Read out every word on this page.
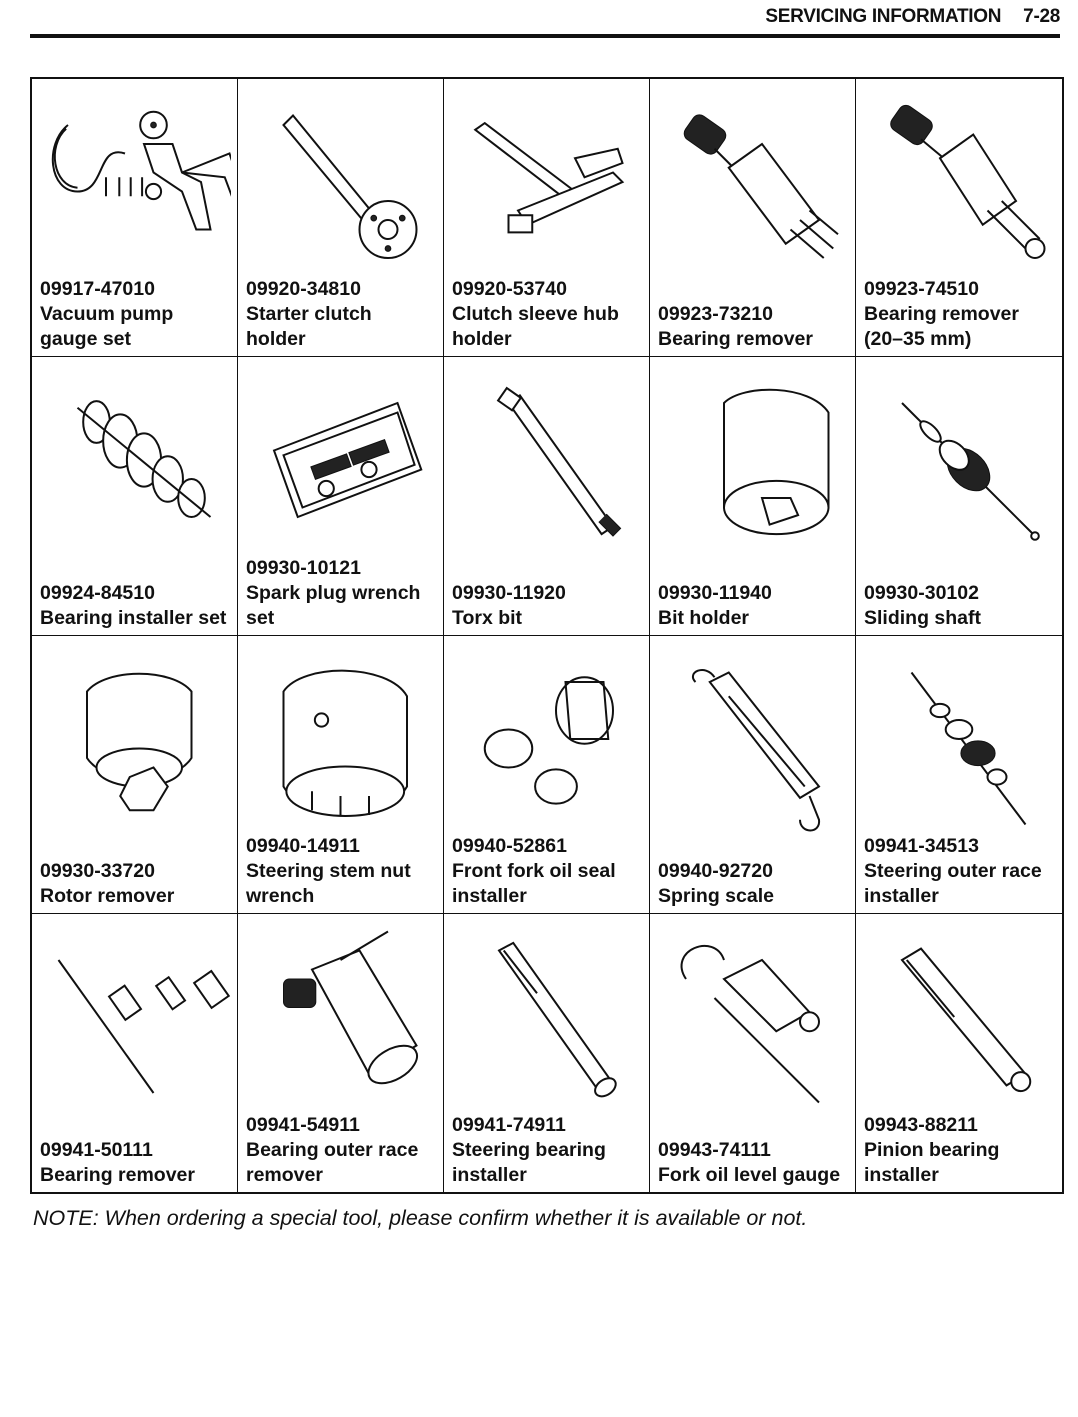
SERVICING INFORMATION 7-28
09917-47010
Vacuum pump
gauge set
09920-34810
Starter clutch
holder
09920-53740
Clutch sleeve hub
holder
09923-73210
Bearing remover
09923-74510
Bearing remover
(20–35 mm)
09924-84510
Bearing installer set
09930-10121
Spark plug wrench
set
09930-11920
Torx bit
09930-11940
Bit holder
09930-30102
Sliding shaft
09930-33720
Rotor remover
09940-14911
Steering stem nut
wrench
09940-52861
Front fork oil seal
installer
09940-92720
Spring scale
09941-34513
Steering outer race
installer
09941-50111
Bearing remover
09941-54911
Bearing outer race
remover
09941-74911
Steering bearing
installer
09943-74111
Fork oil level gauge
09943-88211
Pinion bearing
installer
NOTE: When ordering a special tool, please confirm whether it is available or not.
